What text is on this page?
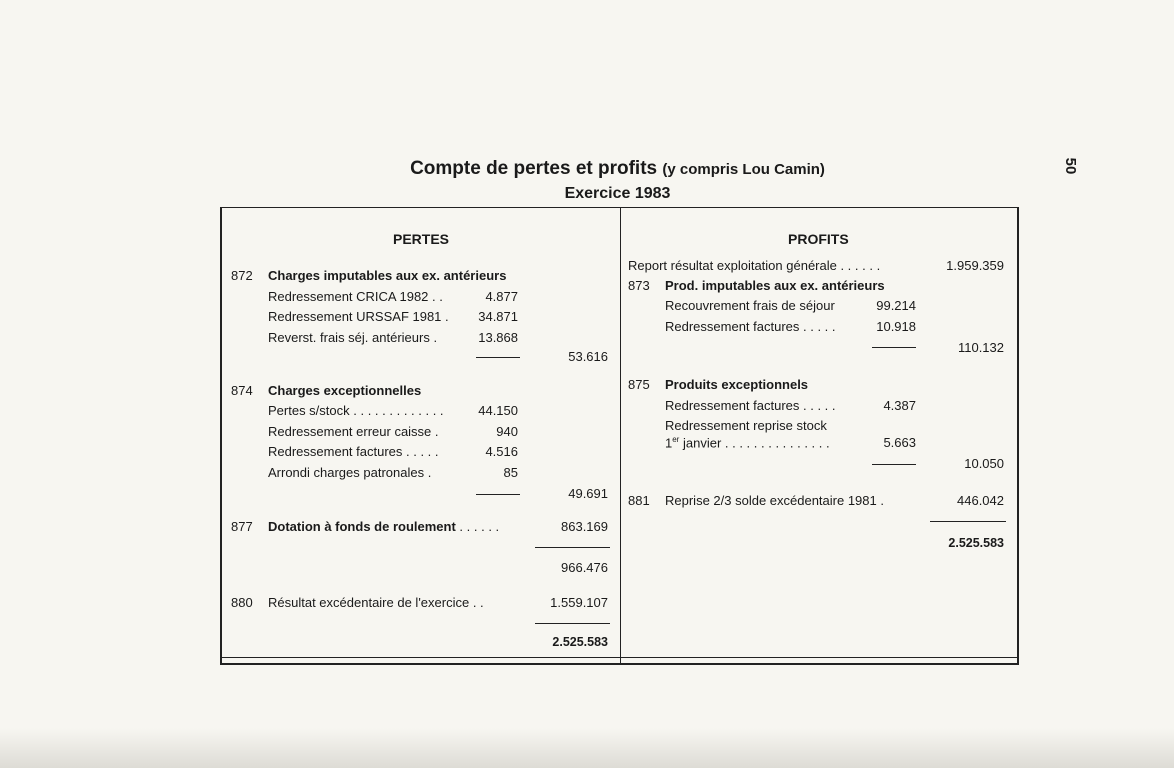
50
Compte de pertes et profits (y compris Lou Camin)
Exercice 1983
PERTES
872 Charges imputables aux ex. antérieurs
Redressement CRICA 1982 . .	4.877
Redressement URSSAF 1981 .	34.871
Reverst. frais séj. antérieurs .	13.868
53.616
874 Charges exceptionnelles
Pertes s/stock . . . . . . . . . . . . .	44.150
Redressement erreur caisse .	940
Redressement factures . . . . .	4.516
Arrondi charges patronales .	85
49.691
877 Dotation à fonds de roulement . . . . . .	863.169
966.476
880 Résultat excédentaire de l'exercice . .	1.559.107
2.525.583
PROFITS
Report résultat exploitation générale . . . . . .	1.959.359
873 Prod. imputables aux ex. antérieurs
Recouvrement frais de séjour	99.214
Redressement factures . . . . .	10.918
110.132
875 Produits exceptionnels
Redressement factures . . . . .	4.387
Redressement reprise stock
1er janvier . . . . . . . . . . . . . . .	5.663
10.050
881 Reprise 2/3 solde excédentaire 1981 .	446.042
2.525.583
